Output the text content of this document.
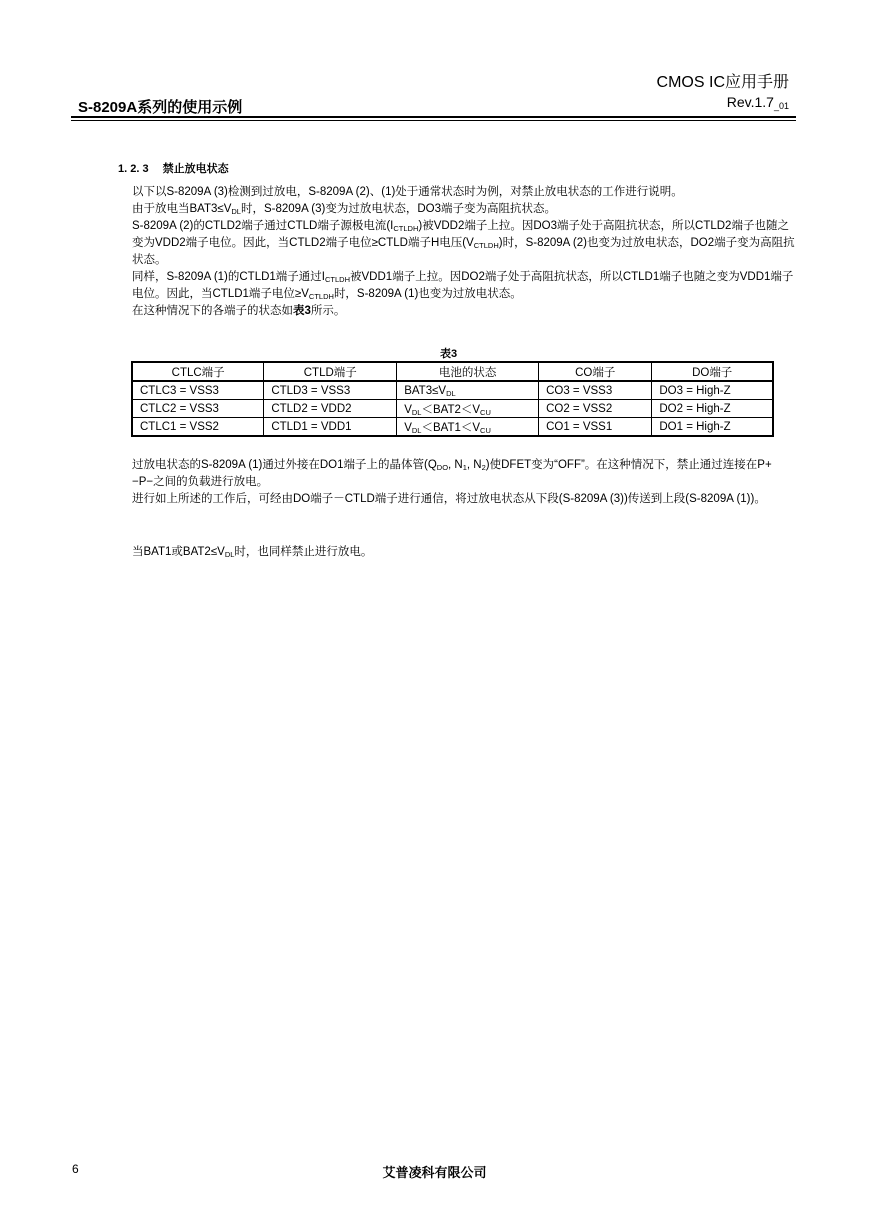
CMOS IC应用手册
$Rev.1.7_{\_01}$
S-8209A系列的使用示例
1. 2. 3 禁止放电状态

以下以S-8209A (3)检测到过放电，S-8209A (2)、(1)处于通常状态时为例，对禁止放电状态的工作进行说明。

由于放电当$BAT3\le V_{DL}$时，S-8209A (3)变为过放电状态，DO3端子变为高阻抗状态。

S-8209A (2)的CTLD2端子通过CTLD端子源极电流$(I_{CTLDH})$被VDD2端子上拉。因DO3端子处于高阻抗状态，所以CTLD2端子也随之变为VDD2端子电位。因此，当CTLD2端子电位≥CTLD端子H电压$(V_{CTLDH})$时，S-8209A (2)也变为过放电状态，DO2端子变为高阻抗状态。

同样，S-8209A (1)的CTLD1端子通过$I_{CTLDH}$被VDD1端子上拉。因DO2端子处于高阻抗状态，所以CTLD1端子也随之变为VDD1端子电位。因此，当CTLD1端子电位$\ge V_{CTLDH}$时，S-8209A (1)也变为过放电状态。

在这种情况下的各端子的状态如表3所示。

表3
CTLC端子	CTLD端子	电池的状态	CO端子	DO端子
CTLC3 = VSS3	CTLD3 = VSS3	$BAT3\le V_{DL}$	CO3 = VSS3	DO3 = High-Z
CTLC2 = VSS3	CTLD2 = VDD2	$V_{DL}<BAT2<V_{CU}$	CO2 = VSS2	DO2 = High-Z
CTLC1 = VSS2	CTLD1 = VDD1	$V_{DL}<BAT1<V_{CU}$	CO1 = VSS1	DO1 = High-Z

过放电状态的S-8209A (1)通过外接在DO1端子上的晶体管($Q_{DO}$, $N_1$, $N_2$)使DFET变为“OFF”。在这种情况下，禁止通过连接在P+−P−之间的负载进行放电。

进行如上所述的工作后，可经由DO端子－CTLD端子进行通信，将过放电状态从下段(S-8209A (3))传送到上段(S-8209A (1))。

当BAT1或$BAT2\le V_{DL}$时，也同样禁止进行放电。

6	艾普凌科有限公司
